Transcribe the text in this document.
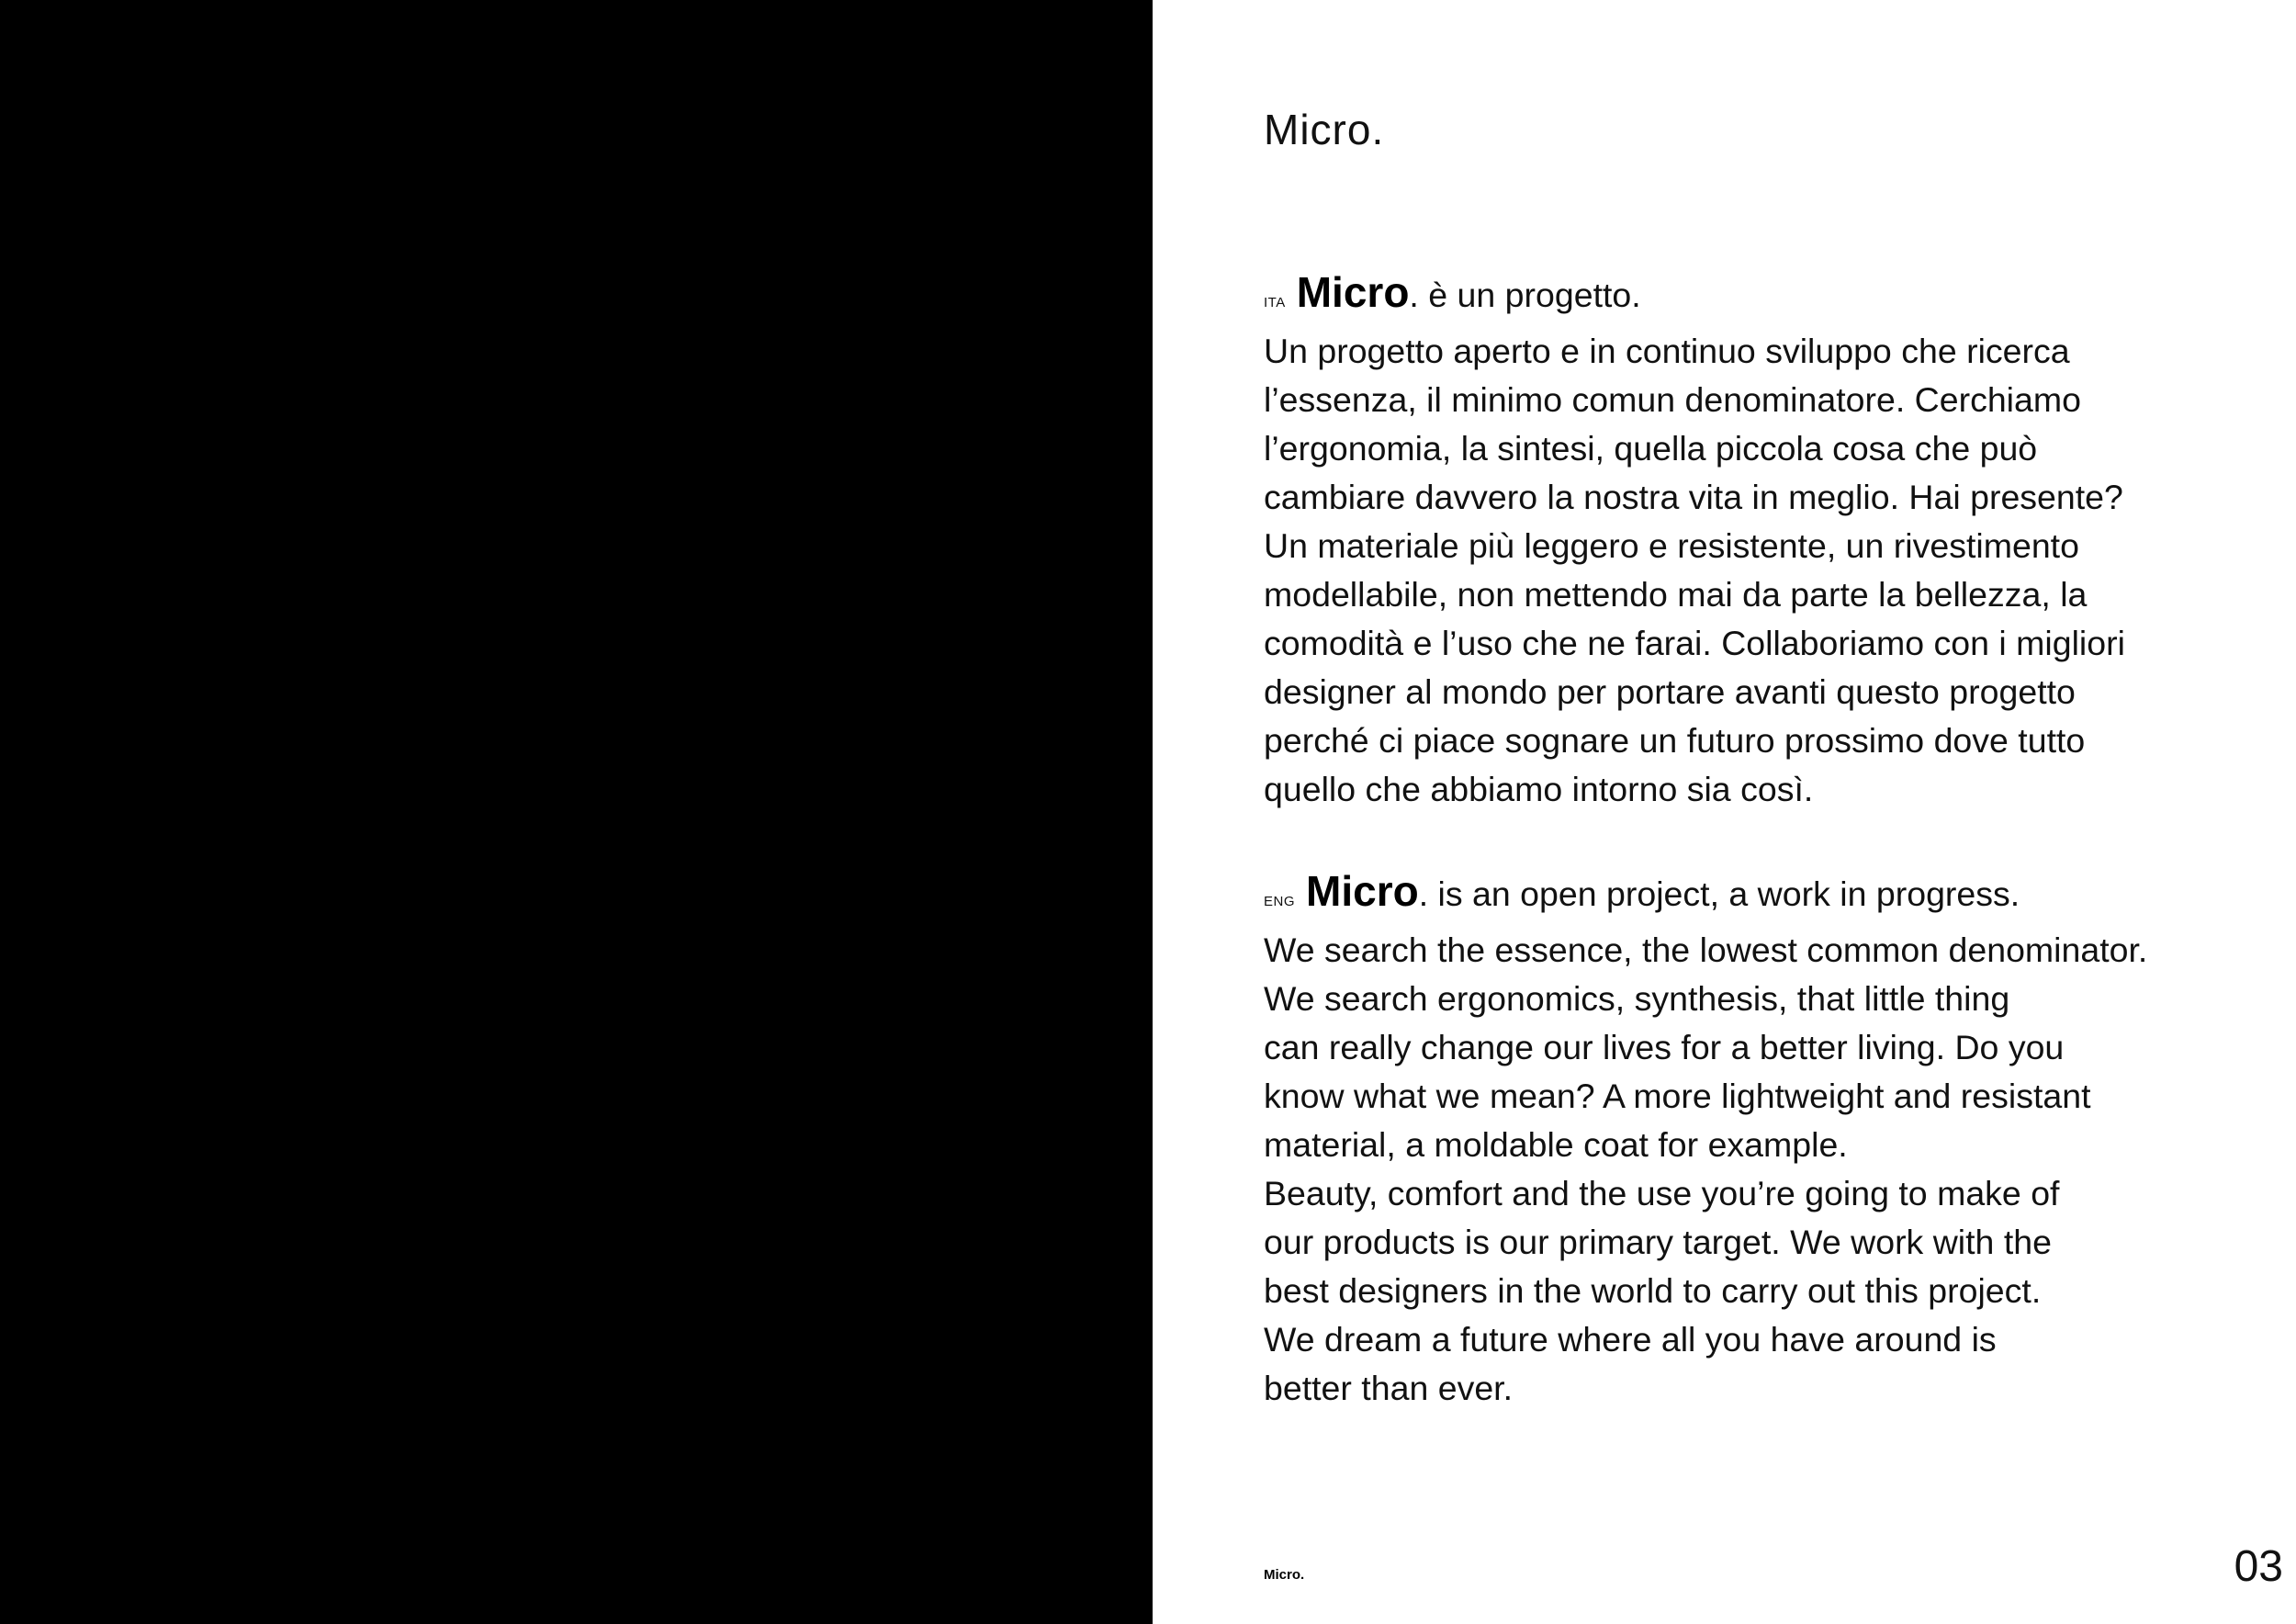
Micro.
ITA Micro. è un progetto.
Un progetto aperto e in continuo sviluppo che ricerca
l’essenza, il minimo comun denominatore. Cerchiamo
l’ergonomia, la sintesi, quella piccola cosa che può
cambiare davvero la nostra vita in meglio. Hai presente?
Un materiale più leggero e resistente, un rivestimento
modellabile, non mettendo mai da parte la bellezza, la
comodità e l’uso che ne farai. Collaboriamo con i migliori
designer al mondo per portare avanti questo progetto
perché ci piace sognare un futuro prossimo dove tutto
quello che abbiamo intorno sia così.
ENG Micro. is an open project, a work in progress.
We search the essence, the lowest common denominator.
We search ergonomics, synthesis, that little thing
can really change our lives for a better living. Do you
know what we mean? A more lightweight and resistant
material, a moldable coat for example.
Beauty, comfort and the use you’re going to make of
our products is our primary target. We work with the
best designers in the world to carry out this project.
We dream a future where all you have around is
better than ever.
Micro.	03
